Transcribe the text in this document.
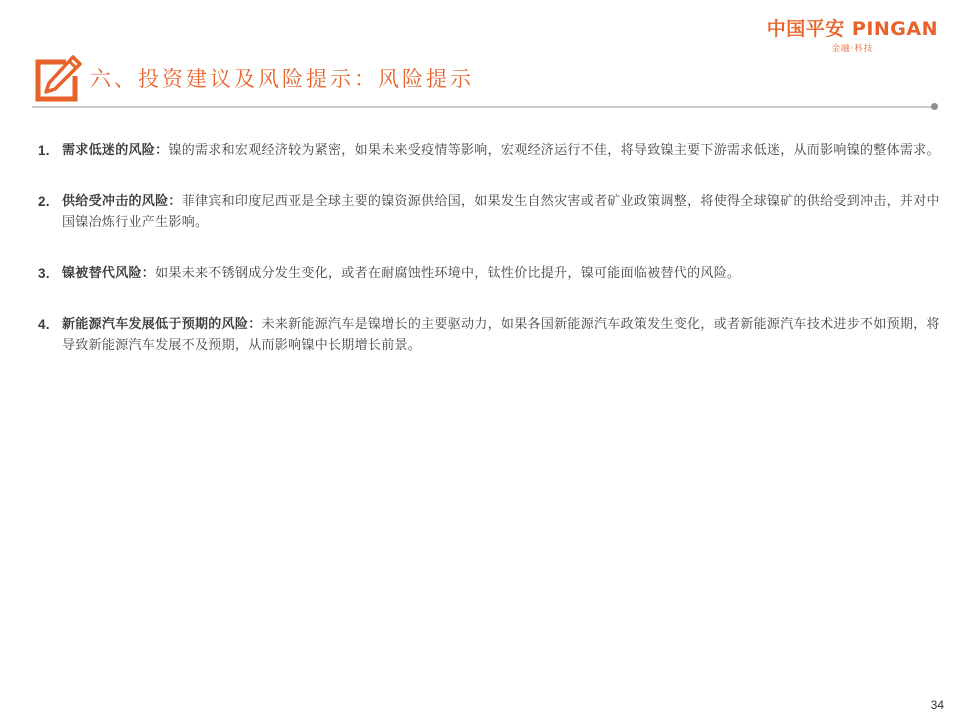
中国平安 PINGAN
金融·科技
六、投资建议及风险提示：风险提示
1. 需求低迷的风险：镍的需求和宏观经济较为紧密，如果未来受疫情等影响，宏观经济运行不佳，将导致镍主要下游需求低迷，从而影响镍的整体需求。
2. 供给受冲击的风险：菲律宾和印度尼西亚是全球主要的镍资源供给国，如果发生自然灾害或者矿业政策调整，将使得全球镍矿的供给受到冲击，并对中国镍冶炼行业产生影响。
3. 镍被替代风险：如果未来不锈钢成分发生变化，或者在耐腐蚀性环境中，钛性价比提升，镍可能面临被替代的风险。
4. 新能源汽车发展低于预期的风险：未来新能源汽车是镍增长的主要驱动力，如果各国新能源汽车政策发生变化，或者新能源汽车技术进步不如预期，将导致新能源汽车发展不及预期，从而影响镍中长期增长前景。
34
